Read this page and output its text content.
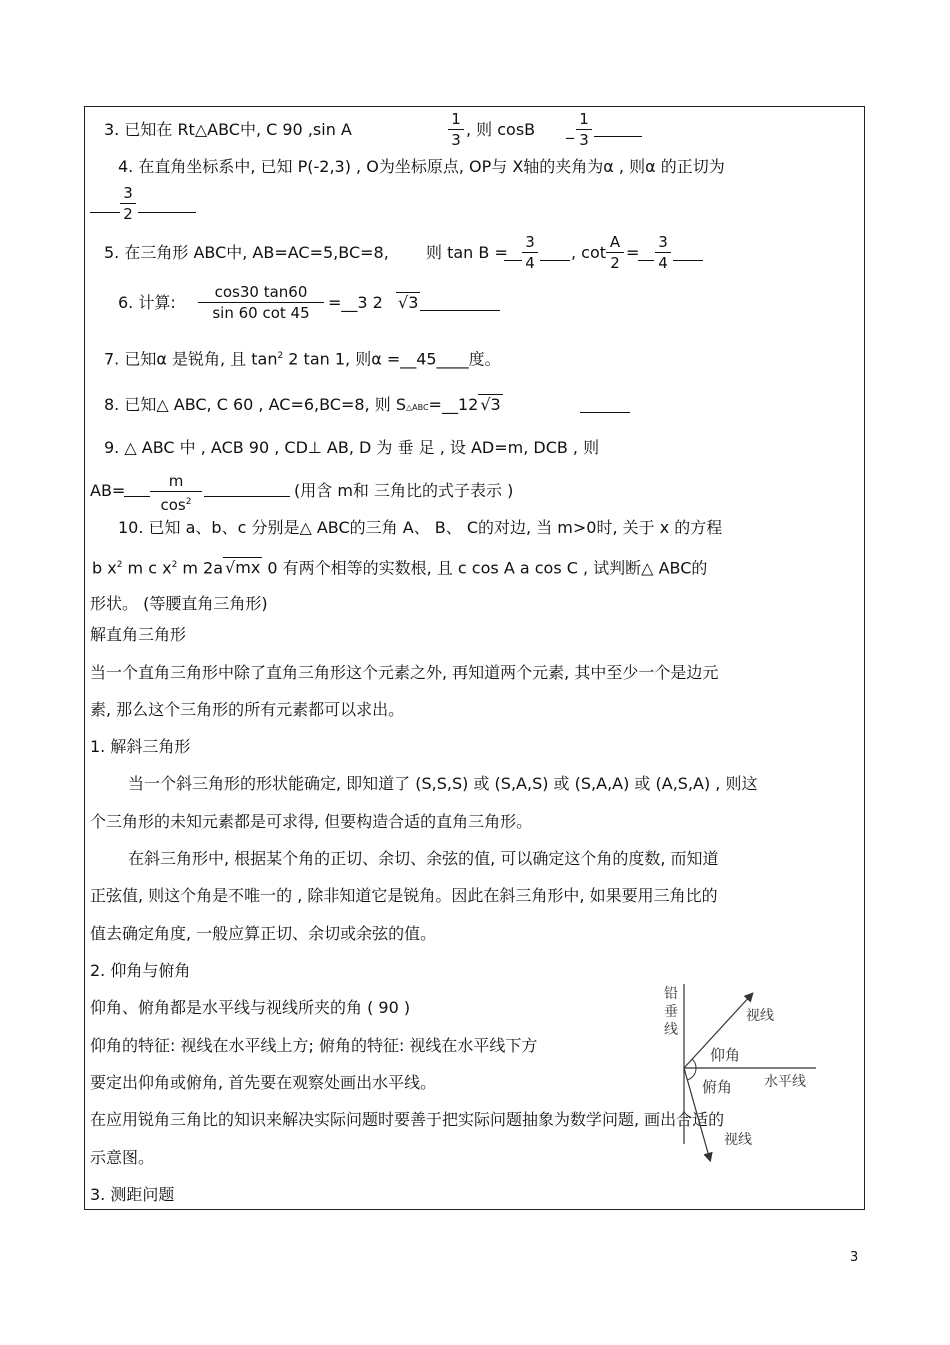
3. 已知在 Rt△ABC中, C 90 ,sin A
1
3
, 则 cosB _
1
3
4. 在直角坐标系中, 已知 P(-2,3) , O为坐标原点, OP与 X轴的夹角为α , 则α 的正切为
3
2
5. 在三角形 ABC中, AB=AC=5,BC=8, 则 tan B =
3
4
, cot
A
2
=
3
4
6. 计算:
cos30 tan60
sin 60 cot 45
=__3 2 √3
7. 已知α 是锐角, 且 $\tan^2 2$ tan 1, 则α =__45____度。
8. 已知△ ABC, C 60 , AC=6,BC=8, 则 S△ABC=__12 √3
9. △ ABC 中 , ACB 90 , CD⊥ AB, D 为 垂 足 , 设 AD=m, DCB , 则
AB=	m
$\cos^2$
(用含 m和 三角比的式子表示 )
10. 已知 a、b、c 分别是△ ABC的三角 A、 B、 C的对边, 当 m>0时, 关于 x 的方程
b $x^2$ m c $x^2$ m 2a √mx 0 有两个相等的实数根, 且 c cos A a cos C , 试判断△ ABC的
形状。 (等腰直角三角形)
解直角三角形
当一个直角三角形中除了直角三角形这个元素之外, 再知道两个元素, 其中至少一个是边元
素, 那么这个三角形的所有元素都可以求出。
1. 解斜三角形
当一个斜三角形的形状能确定, 即知道了 (S,S,S) 或 (S,A,S) 或 (S,A,A) 或 (A,S,A) , 则这
个三角形的未知元素都是可求得, 但要构造合适的直角三角形。
在斜三角形中, 根据某个角的正切、余切、余弦的值, 可以确定这个角的度数, 而知道
正弦值, 则这个角是不唯一的 , 除非知道它是锐角。因此在斜三角形中, 如果要用三角比的
值去确定角度, 一般应算正切、余切或余弦的值。
2. 仰角与俯角
仰角、俯角都是水平线与视线所夹的角 ( 90 )
仰角的特征: 视线在水平线上方; 俯角的特征: 视线在水平线下方
要定出仰角或俯角, 首先要在观察处画出水平线。
在应用锐角三角比的知识来解决实际问题时要善于把实际问题抽象为数学问题, 画出合适的
示意图。
3. 测距问题
铅
垂
线
视线
仰角
俯角 水平线
视线
3
